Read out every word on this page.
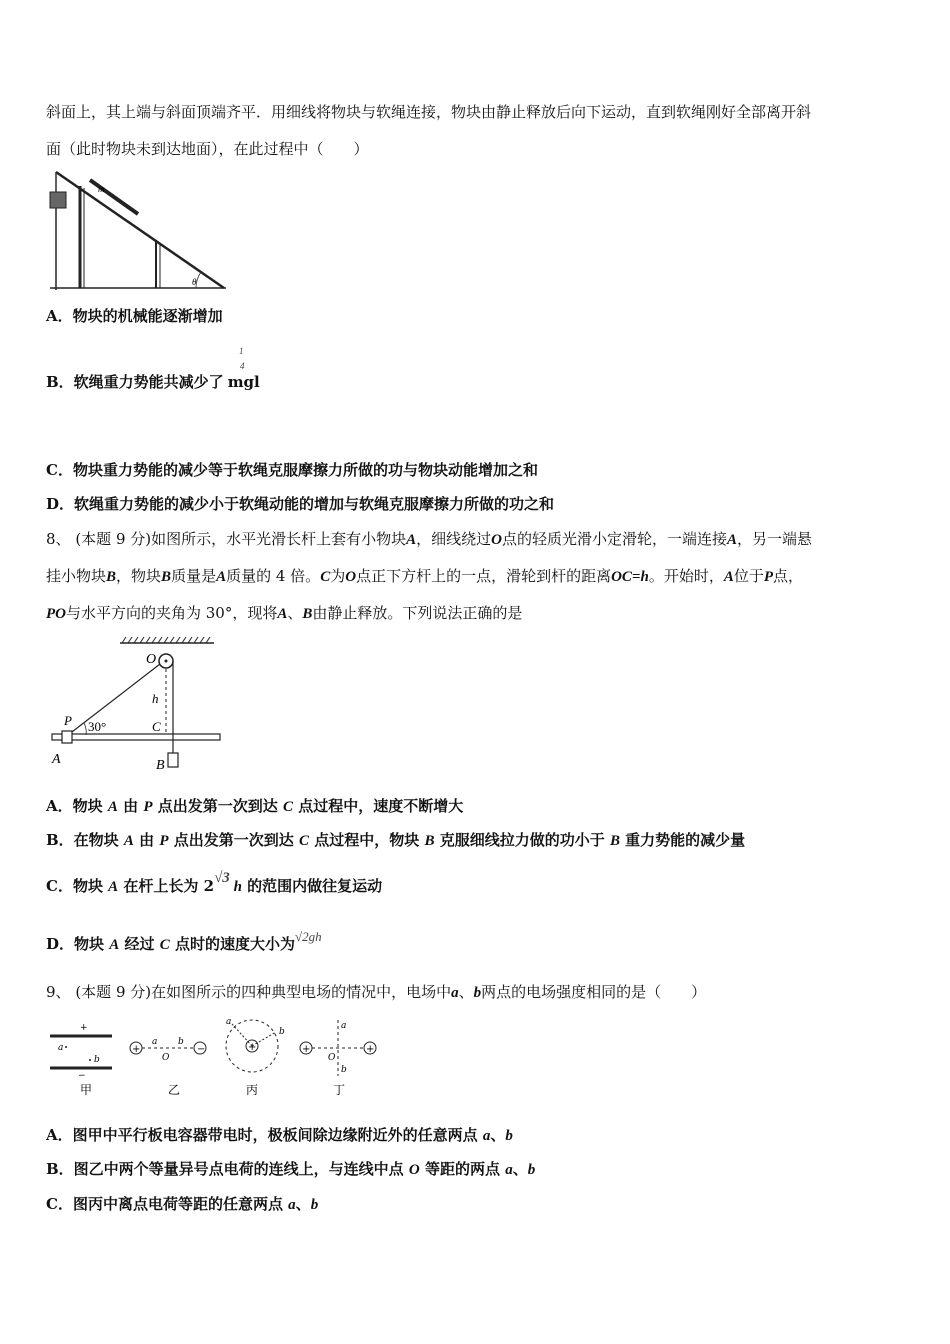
斜面上，其上端与斜面顶端齐平．用细线将物块与软绳连接，物块由静止释放后向下运动，直到软绳刚好全部离开斜
面（此时物块未到达地面），在此过程中（　　）
m
θ
A．物块的机械能逐渐增加
B．软绳重力势能共减少了 mgl
1
4
C．物块重力势能的减少等于软绳克服摩擦力所做的功与物块动能增加之和
D．软绳重力势能的减少小于软绳动能的增加与软绳克服摩擦力所做的功之和
8、 (本题 9 分)如图所示，水平光滑长杆上套有小物块A，细线绕过O点的轻质光滑小定滑轮，一端连接A，另一端悬
挂小物块B，物块B质量是A质量的 4 倍。C为O点正下方杆上的一点，滑轮到杆的距离OC=h。开始时，A位于P点，
PO与水平方向的夹角为 30°，现将A、B由静止释放。下列说法正确的是
O
h
P 30°	C
A	B
A．物块 A 由 P 点出发第一次到达 C 点过程中，速度不断增大
B．在物块 A 由 P 点出发第一次到达 C 点过程中，物块 B 克服细线拉力做的功小于 B 重力势能的减少量
C．物块 A 在杆上长为 2√3 h 的范围内做往复运动
D．物块 A 经过 C 点时的速度大小为√2gh
9、 (本题 9 分)在如图所示的四种典型电场的情况中，电场中a、b两点的电场强度相同的是（　　）
+
−
a
b
甲
+	−
a
O
b
乙
+
a
b
丙
+	+
a
O
b
丁
A．图甲中平行板电容器带电时，极板间除边缘附近外的任意两点 a、b
B．图乙中两个等量异号点电荷的连线上，与连线中点 O 等距的两点 a、b
C．图丙中离点电荷等距的任意两点 a、b
